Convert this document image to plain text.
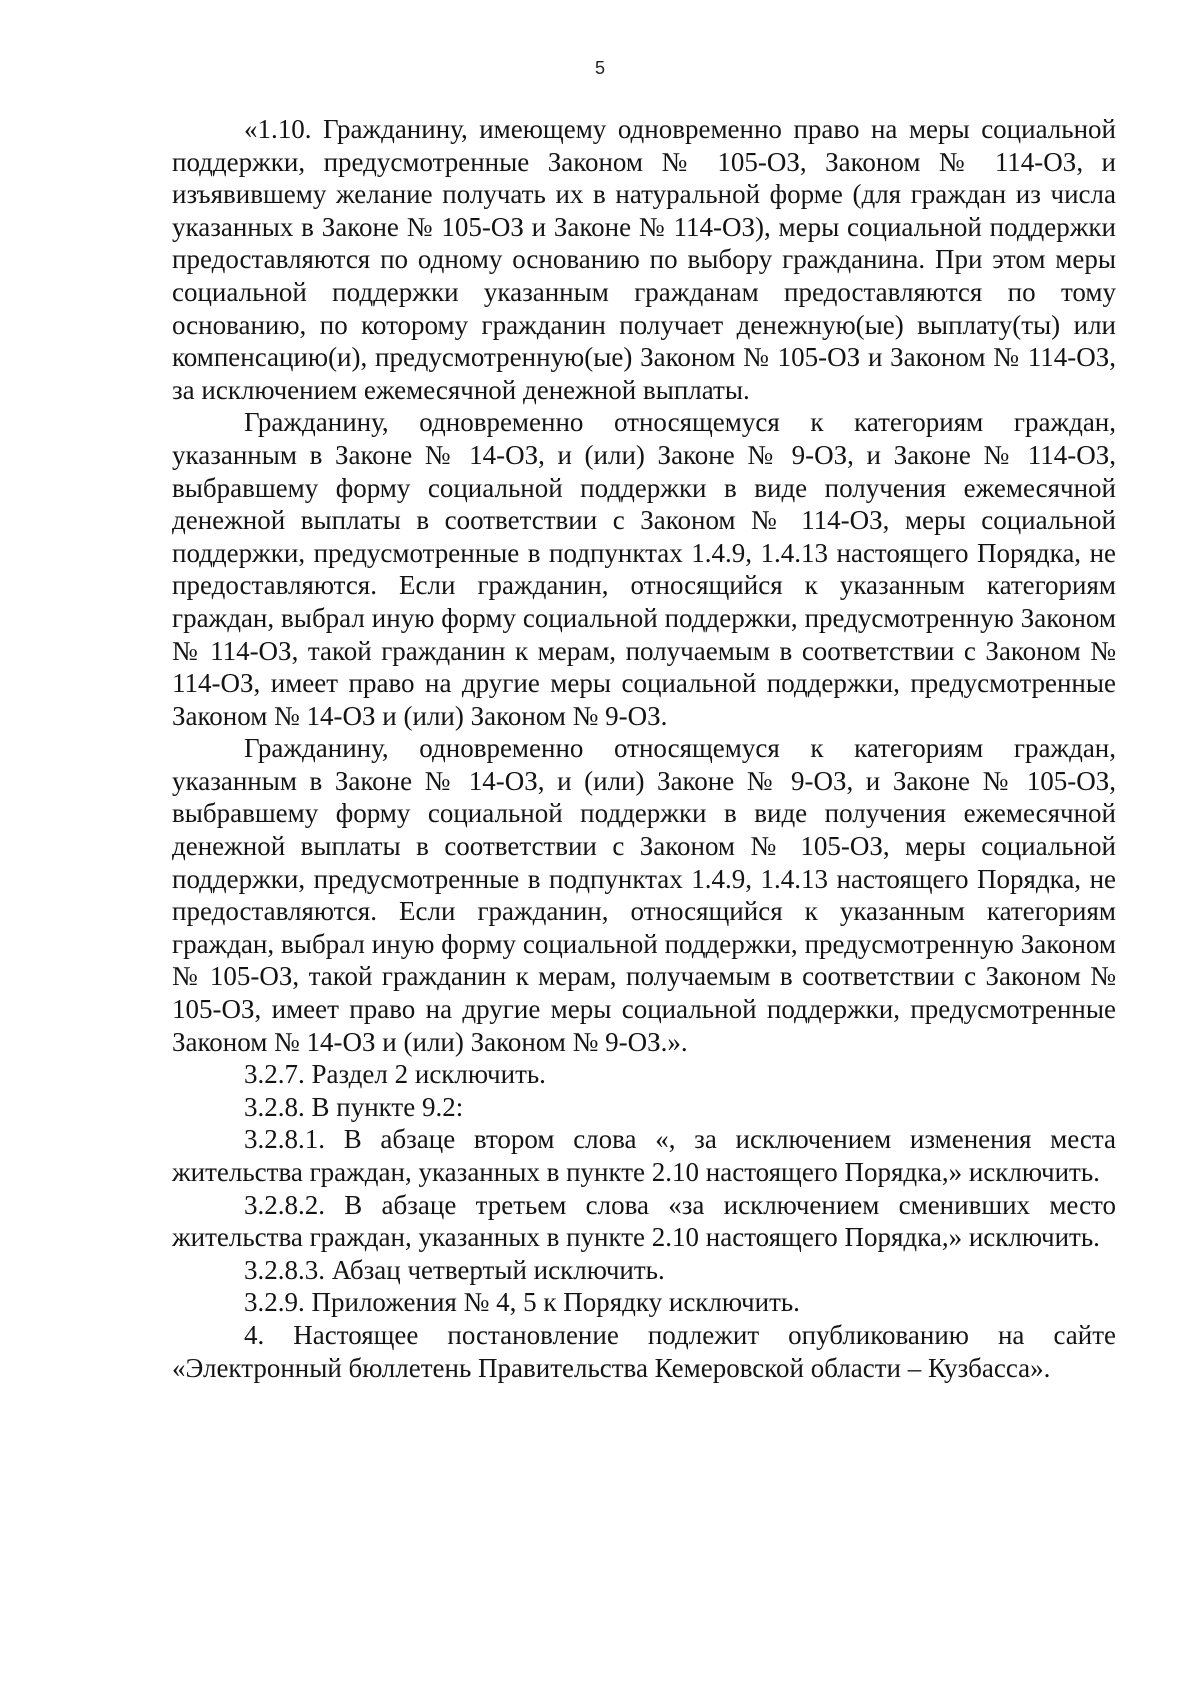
5

«1.10. Гражданину, имеющему одновременно право на меры социальной поддержки, предусмотренные Законом № 105-ОЗ, Законом № 114-ОЗ, и изъявившему желание получать их в натуральной форме (для граждан из числа указанных в Законе № 105-ОЗ и Законе № 114-ОЗ), меры социальной поддержки предоставляются по одному основанию по выбору гражданина. При этом меры социальной поддержки указанным гражданам предоставляются по тому основанию, по которому гражданин получает денежную(ые) выплату(ты) или компенсацию(и), предусмотренную(ые) Законом № 105-ОЗ и Законом № 114-ОЗ, за исключением ежемесячной денежной выплаты.

Гражданину, одновременно относящемуся к категориям граждан, указанным в Законе № 14-ОЗ, и (или) Законе № 9-ОЗ, и Законе № 114-ОЗ, выбравшему форму социальной поддержки в виде получения ежемесячной денежной выплаты в соответствии с Законом № 114-ОЗ, меры социальной поддержки, предусмотренные в подпунктах 1.4.9, 1.4.13 настоящего Порядка, не предоставляются. Если гражданин, относящийся к указанным категориям граждан, выбрал иную форму социальной поддержки, предусмотренную Законом № 114-ОЗ, такой гражданин к мерам, получаемым в соответствии с Законом № 114-ОЗ, имеет право на другие меры социальной поддержки, предусмотренные Законом № 14-ОЗ и (или) Законом № 9-ОЗ.

Гражданину, одновременно относящемуся к категориям граждан, указанным в Законе № 14-ОЗ, и (или) Законе № 9-ОЗ, и Законе № 105-ОЗ, выбравшему форму социальной поддержки в виде получения ежемесячной денежной выплаты в соответствии с Законом № 105-ОЗ, меры социальной поддержки, предусмотренные в подпунктах 1.4.9, 1.4.13 настоящего Порядка, не предоставляются. Если гражданин, относящийся к указанным категориям граждан, выбрал иную форму социальной поддержки, предусмотренную Законом № 105-ОЗ, такой гражданин к мерам, получаемым в соответствии с Законом № 105-ОЗ, имеет право на другие меры социальной поддержки, предусмотренные Законом № 14-ОЗ и (или) Законом № 9-ОЗ.».

3.2.7. Раздел 2 исключить.

3.2.8. В пункте 9.2:

3.2.8.1. В абзаце втором слова «, за исключением изменения места жительства граждан, указанных в пункте 2.10 настоящего Порядка,» исключить.

3.2.8.2. В абзаце третьем слова «за исключением сменивших место жительства граждан, указанных в пункте 2.10 настоящего Порядка,» исключить.

3.2.8.3. Абзац четвертый исключить.

3.2.9. Приложения № 4, 5 к Порядку исключить.

4. Настоящее постановление подлежит опубликованию на сайте «Электронный бюллетень Правительства Кемеровской области – Кузбасса».
